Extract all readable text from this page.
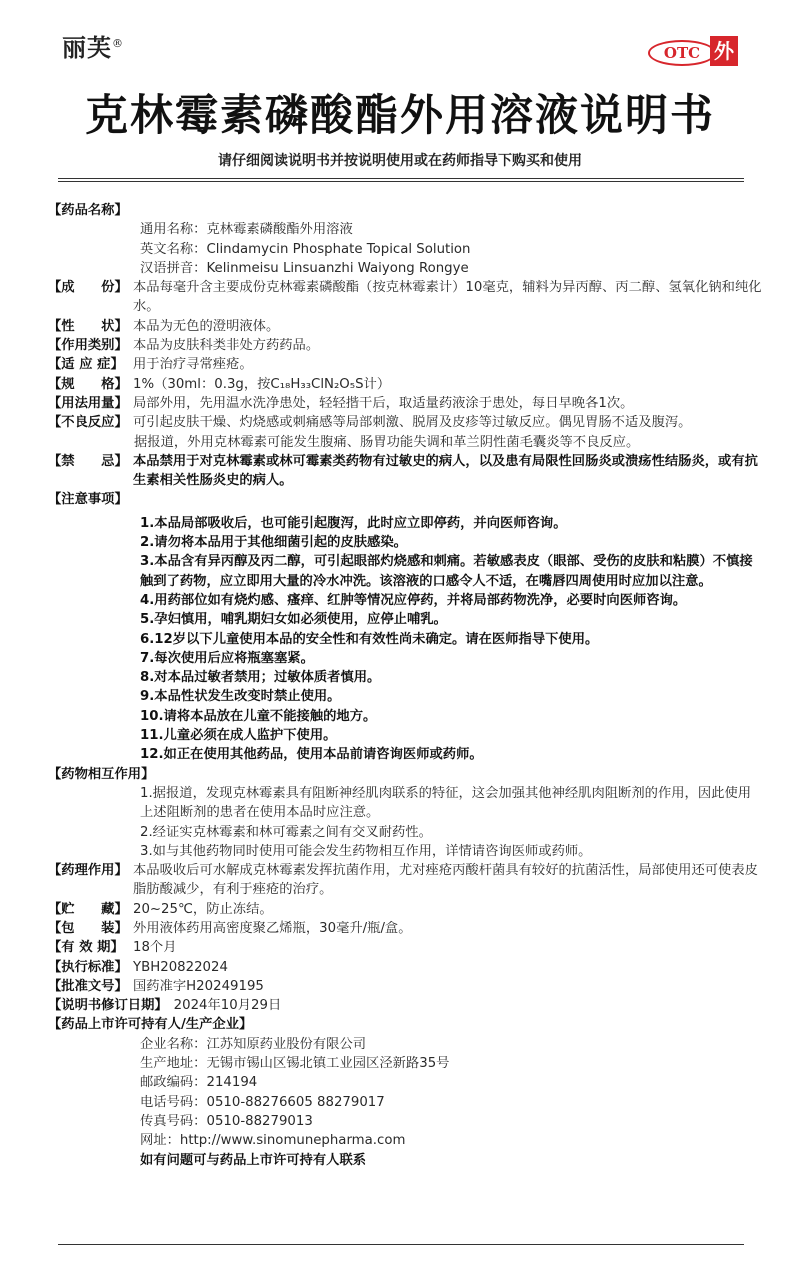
丽芙®
OTC 外
克林霉素磷酸酯外用溶液说明书
请仔细阅读说明书并按说明使用或在药师指导下购买和使用
【药品名称】
通用名称：克林霉素磷酸酯外用溶液
英文名称：Clindamycin Phosphate Topical Solution
汉语拼音：Kelinmeisu Linsuanzhi Waiyong Rongye
【成　　份】 本品每毫升含主要成份克林霉素磷酸酯（按克林霉素计）10毫克，辅料为异丙醇、丙二醇、氢氧化钠和纯化水。
【性　　状】 本品为无色的澄明液体。
【作用类别】 本品为皮肤科类非处方药药品。
【适 应 症】 用于治疗寻常痤疮。
【规　　格】 1%（30ml：0.3g，按C₁₈H₃₃ClN₂O₅S计）
【用法用量】 局部外用，先用温水洗净患处，轻轻揩干后，取适量药液涂于患处，每日早晚各1次。
【不良反应】 可引起皮肤干燥、灼烧感或刺痛感等局部刺激、脱屑及皮疹等过敏反应。偶见胃肠不适及腹泻。
据报道，外用克林霉素可能发生腹痛、肠胃功能失调和革兰阴性菌毛囊炎等不良反应。
【禁　　忌】 本品禁用于对克林霉素或林可霉素类药物有过敏史的病人，以及患有局限性回肠炎或溃疡性结肠炎，或有抗生素相关性肠炎史的病人。
【注意事项】
1.本品局部吸收后，也可能引起腹泻，此时应立即停药，并向医师咨询。
2.请勿将本品用于其他细菌引起的皮肤感染。
3.本品含有异丙醇及丙二醇，可引起眼部灼烧感和刺痛。若敏感表皮（眼部、受伤的皮肤和粘膜）不慎接触到了药物，应立即用大量的冷水冲洗。该溶液的口感令人不适，在嘴唇四周使用时应加以注意。
4.用药部位如有烧灼感、瘙痒、红肿等情况应停药，并将局部药物洗净，必要时向医师咨询。
5.孕妇慎用，哺乳期妇女如必须使用，应停止哺乳。
6.12岁以下儿童使用本品的安全性和有效性尚未确定。请在医师指导下使用。
7.每次使用后应将瓶塞塞紧。
8.对本品过敏者禁用；过敏体质者慎用。
9.本品性状发生改变时禁止使用。
10.请将本品放在儿童不能接触的地方。
11.儿童必须在成人监护下使用。
12.如正在使用其他药品，使用本品前请咨询医师或药师。
【药物相互作用】
1.据报道，发现克林霉素具有阻断神经肌肉联系的特征，这会加强其他神经肌肉阻断剂的作用，因此使用上述阻断剂的患者在使用本品时应注意。
2.经证实克林霉素和林可霉素之间有交叉耐药性。
3.如与其他药物同时使用可能会发生药物相互作用，详情请咨询医师或药师。
【药理作用】 本品吸收后可水解成克林霉素发挥抗菌作用，尤对痤疮丙酸杆菌具有较好的抗菌活性，局部使用还可使表皮脂肪酸减少，有利于痤疮的治疗。
【贮　　藏】 20~25℃，防止冻结。
【包　　装】 外用液体药用高密度聚乙烯瓶，30毫升/瓶/盒。
【有 效 期】 18个月
【执行标准】 YBH20822024
【批准文号】 国药准字H20249195
【说明书修订日期】 2024年10月29日
【药品上市许可持有人/生产企业】
企业名称：江苏知原药业股份有限公司
生产地址：无锡市锡山区锡北镇工业园区泾新路35号
邮政编码：214194
电话号码：0510-88276605 88279017
传真号码：0510-88279013
网址：http://www.sinomunepharma.com
如有问题可与药品上市许可持有人联系
